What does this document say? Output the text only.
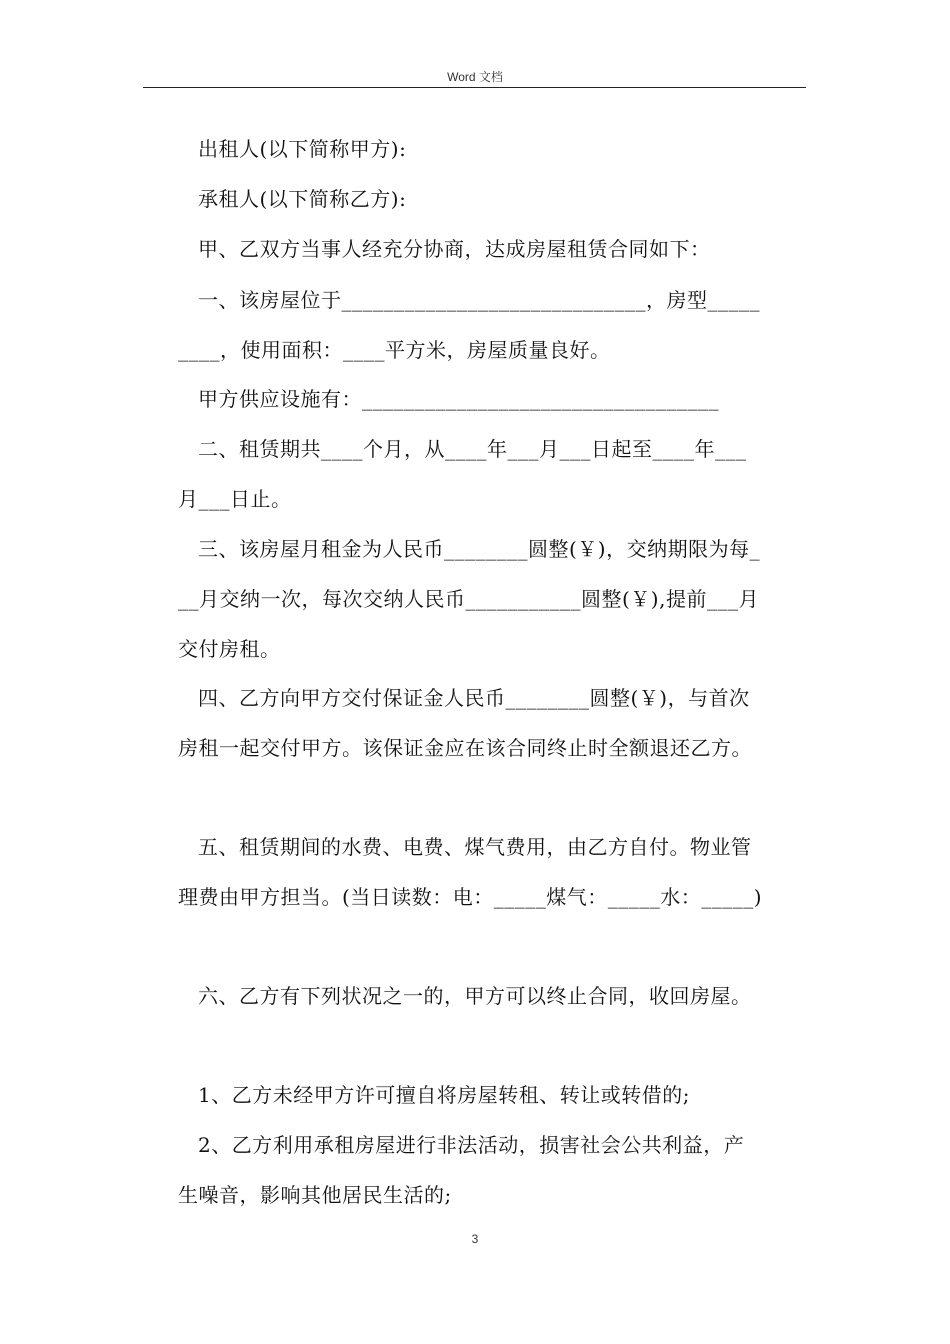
Word 文档
出租人(以下简称甲方):
承租人(以下简称乙方):
甲、乙双方当事人经充分协商，达成房屋租赁合同如下：
一、该房屋位于_____________________________，房型_____
____，使用面积：____平方米，房屋质量良好。
甲方供应设施有：__________________________________
二、租赁期共____个月，从____年___月___日起至____年___
月___日止。
三、该房屋月租金为人民币________圆整(￥)，交纳期限为每_
__月交纳一次，每次交纳人民币___________圆整(￥),提前___月
交付房租。
四、乙方向甲方交付保证金人民币________圆整(￥)，与首次
房租一起交付甲方。该保证金应在该合同终止时全额退还乙方。
五、租赁期间的水费、电费、煤气费用，由乙方自付。物业管
理费由甲方担当。(当日读数：电：_____煤气：_____水：_____)
六、乙方有下列状况之一的，甲方可以终止合同，收回房屋。
1、乙方未经甲方许可擅自将房屋转租、转让或转借的;
2、乙方利用承租房屋进行非法活动，损害社会公共利益，产
生噪音，影响其他居民生活的;
3
